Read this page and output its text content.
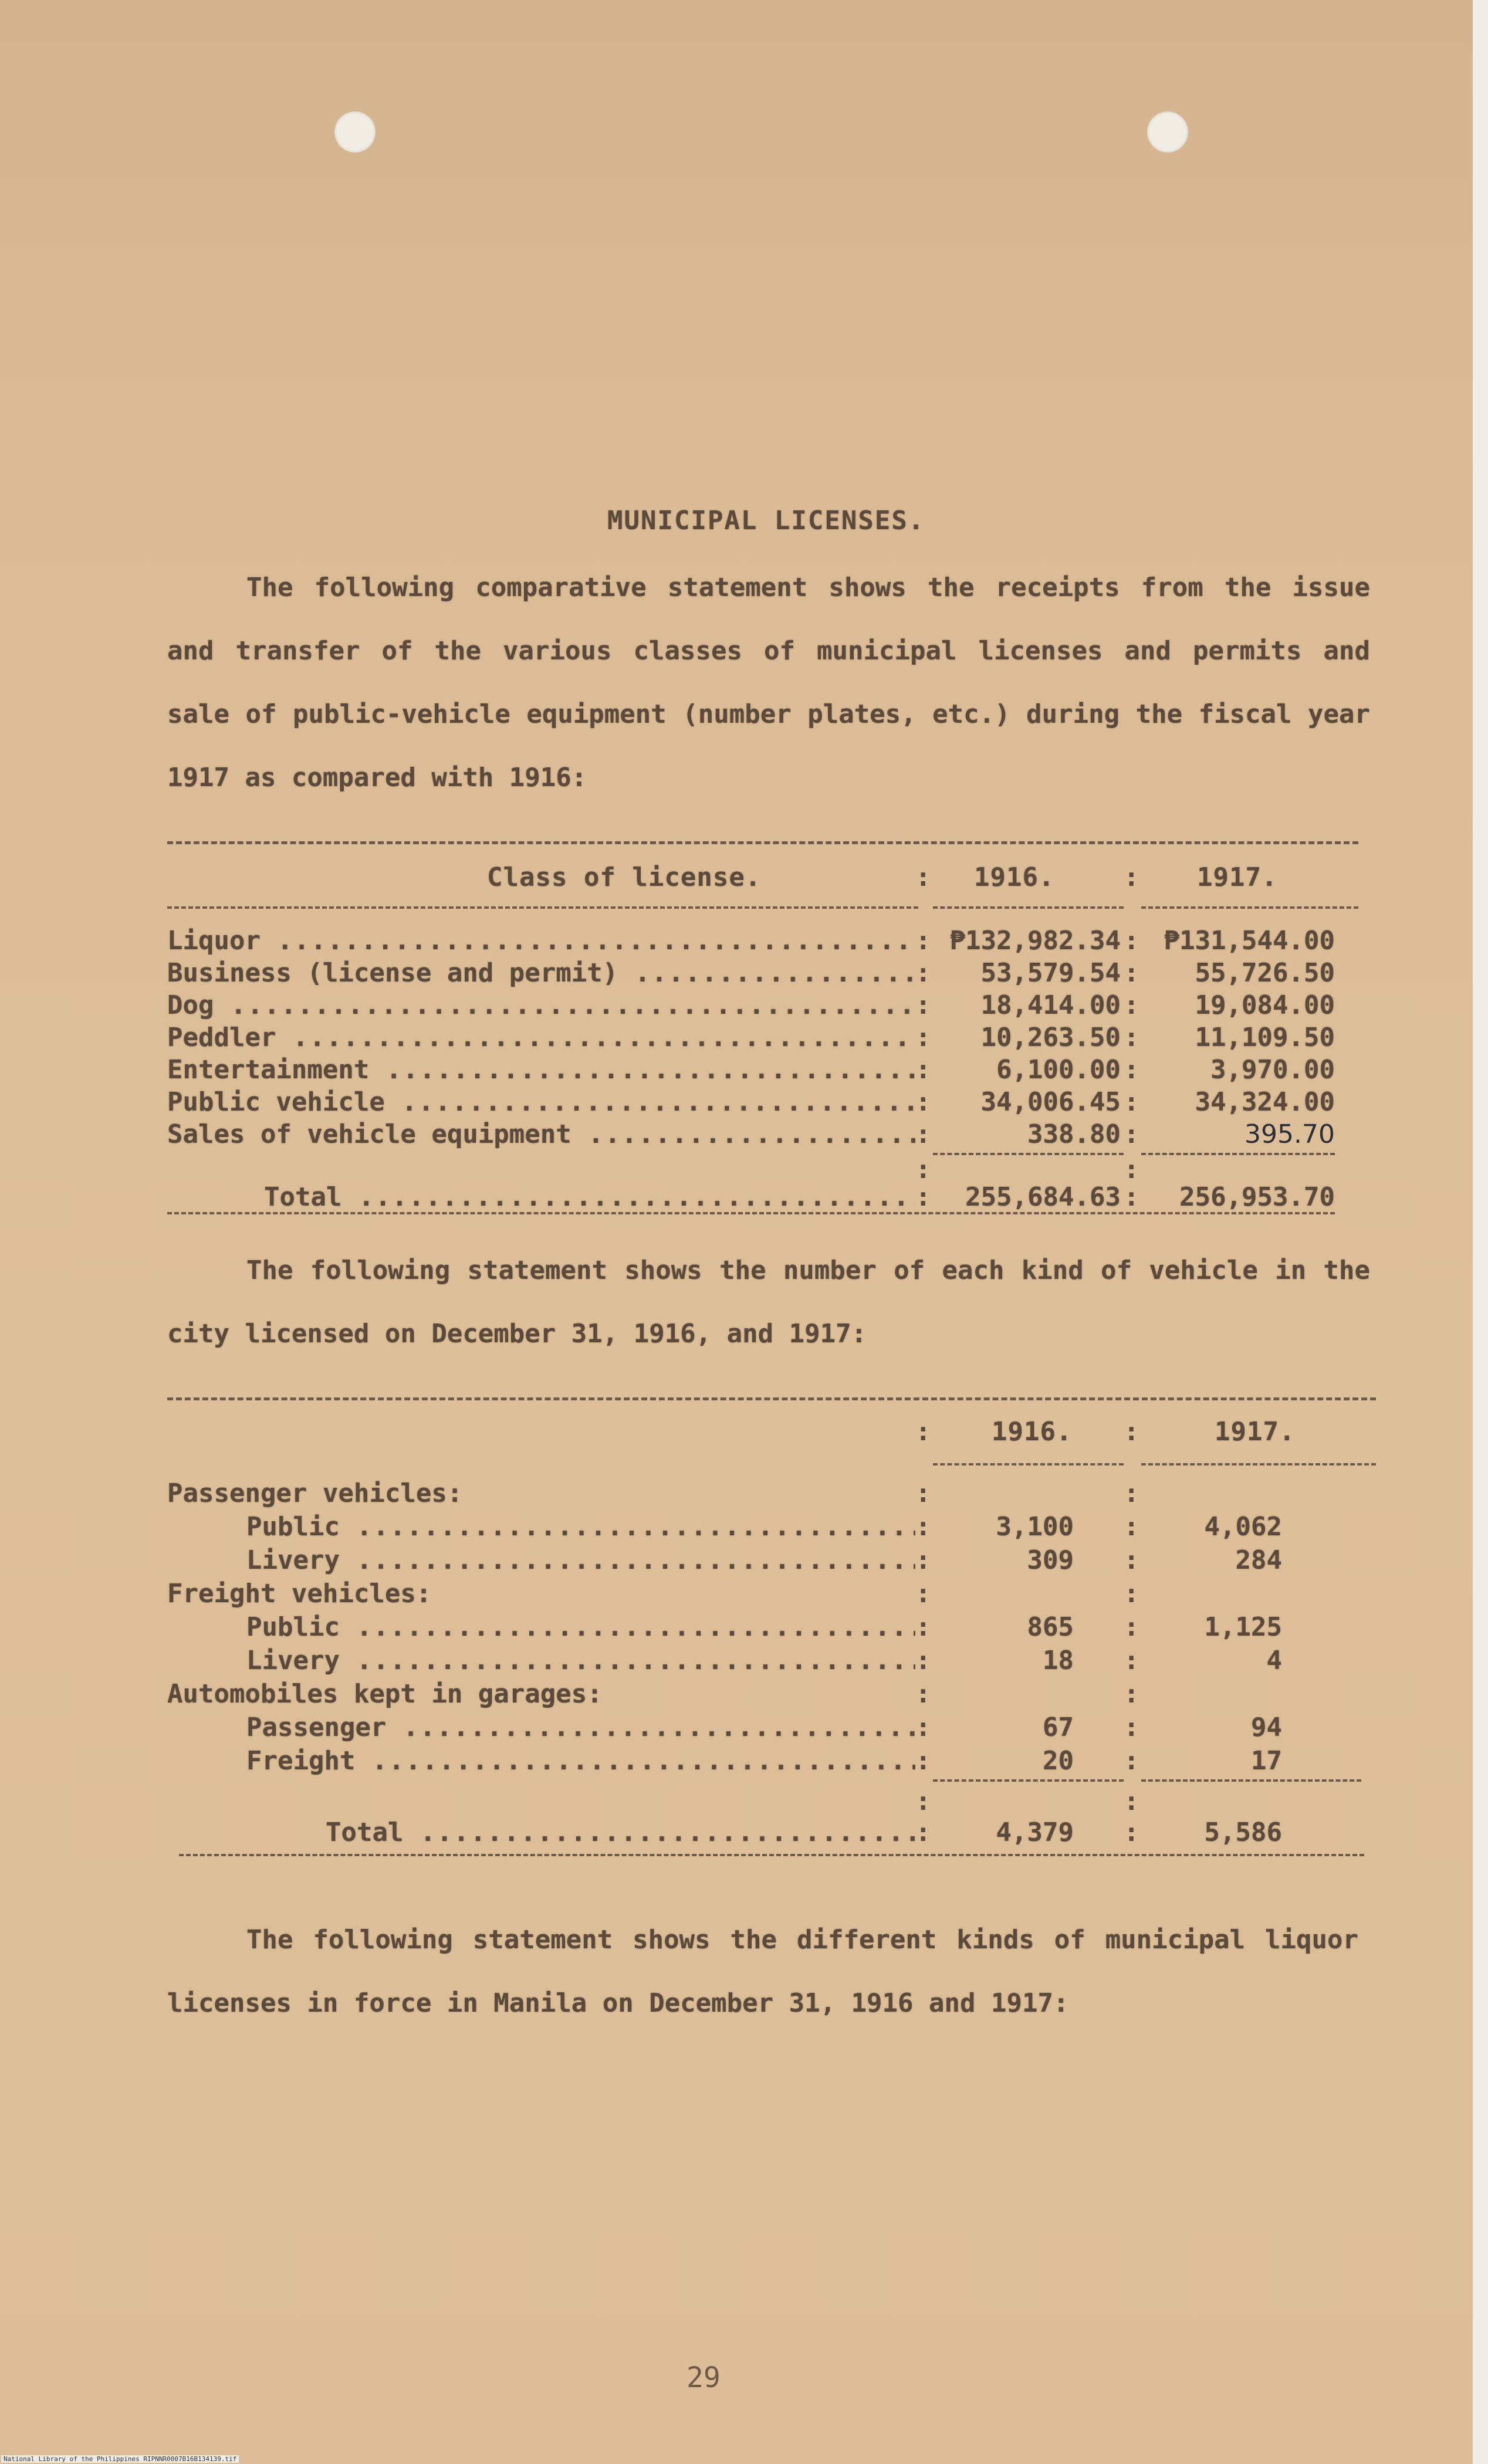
MUNICIPAL LICENSES.
The following comparative statement shows the receipts from the issue and transfer of the various classes of municipal licenses and permits and sale of public-vehicle equipment (number plates, etc.) during the fiscal year 1917 as compared with 1916:
Class of license.	: 1916.	: 1917.
Liquor .....	: ₱132,982.34 : ₱131,544.00
Business (license and permit) .....	:	53,579.54 :	55,726.50
Dog .....	:	18,414.00 :	19,084.00
Peddler .....	:	10,263.50 :	11,109.50
Entertainment .....	:	6,100.00 :	3,970.00
Public vehicle .....	:	34,006.45 :	34,324.00
Sales of vehicle equipment .....	:	338.80 :	395.70
:	:
Total .....	:	255,684.63 :	256,953.70
The following statement shows the number of each kind of vehicle in the city licensed on December 31, 1916, and 1917:
: 1916. :	1917.
Passenger vehicles:	:	:
Public .....	:	3,100 :	4,062
Livery .....	:	309 :	284
Freight vehicles:	:	:
Public .....	:	865 :	1,125
Livery .....	:	18 :	4
Automobiles kept in garages:	:	:
Passenger .....	:	67 :	94
Freight .....	:	20 :	17
:	:
Total .....	:	4,379 :	5,586
The following statement shows the different kinds of municipal liquor licenses in force in Manila on December 31, 1916 and 1917:
29
National Library of the Philippines RIPNNR0007B16B134139.tif
